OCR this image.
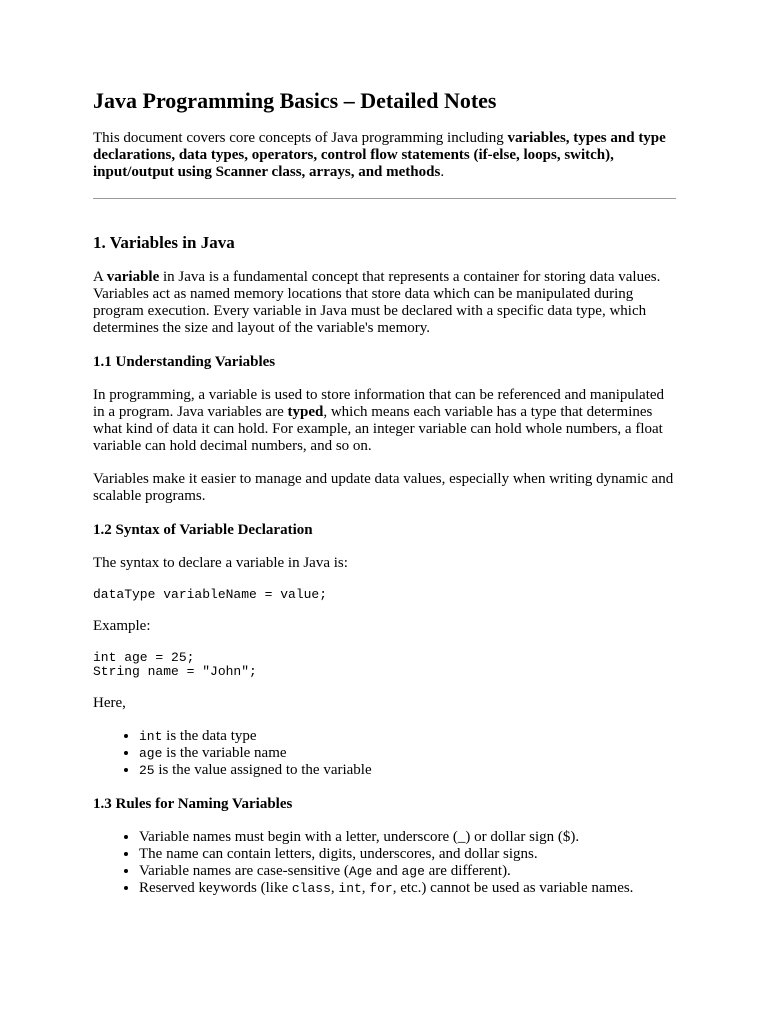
Java Programming Basics – Detailed Notes

This document covers core concepts of Java programming including variables, types and type declarations, data types, operators, control flow statements (if-else, loops, switch), input/output using Scanner class, arrays, and methods.

1. Variables in Java

A variable in Java is a fundamental concept that represents a container for storing data values. Variables act as named memory locations that store data which can be manipulated during program execution. Every variable in Java must be declared with a specific data type, which determines the size and layout of the variable's memory.

1.1 Understanding Variables

In programming, a variable is used to store information that can be referenced and manipulated in a program. Java variables are typed, which means each variable has a type that determines what kind of data it can hold. For example, an integer variable can hold whole numbers, a float variable can hold decimal numbers, and so on.

Variables make it easier to manage and update data values, especially when writing dynamic and scalable programs.

1.2 Syntax of Variable Declaration

The syntax to declare a variable in Java is:

dataType variableName = value;

Example:

int age = 25;
String name = "John";

Here,

• int is the data type
• age is the variable name
• 25 is the value assigned to the variable
1.3 Rules for Naming Variables
• Variable names must begin with a letter, underscore (_) or dollar sign ($).
• The name can contain letters, digits, underscores, and dollar signs.
• Variable names are case-sensitive (Age and age are different).
• Reserved keywords (like class, int, for, etc.) cannot be used as variable names.
